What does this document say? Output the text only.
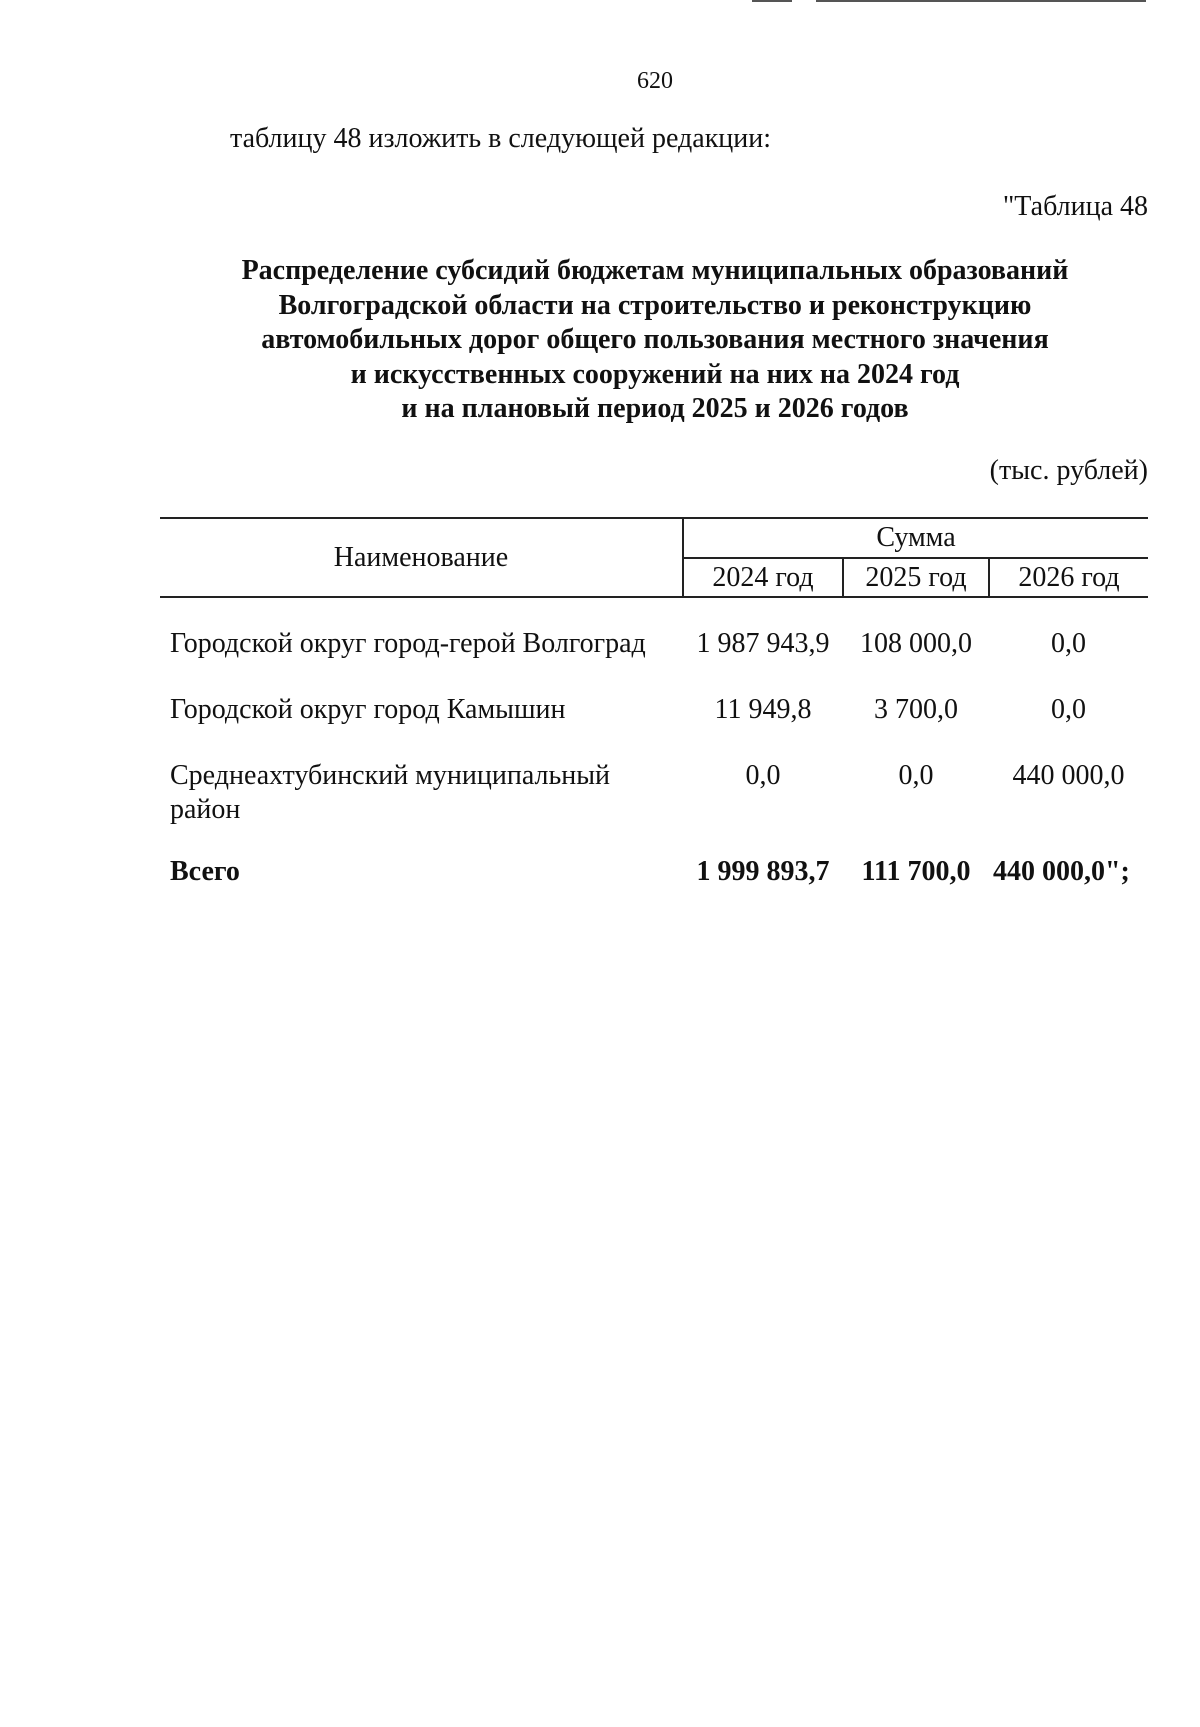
620
таблицу 48 изложить в следующей редакции:
"Таблица 48
Распределение субсидий бюджетам муниципальных образований
Волгоградской области на строительство и реконструкцию
автомобильных дорог общего пользования местного значения
и искусственных сооружений на них на 2024 год
и на плановый период 2025 и 2026 годов
(тыс. рублей)
Наименование	Сумма		
	2024 год	2025 год	2026 год
Городской округ город-герой Волгоград	1 987 943,9	108 000,0	0,0
Городской округ город Камышин	11 949,8	3 700,0	0,0
Среднеахтубинский муниципальный район	0,0	0,0	440 000,0
Всего	1 999 893,7	111 700,0	440 000,0";
